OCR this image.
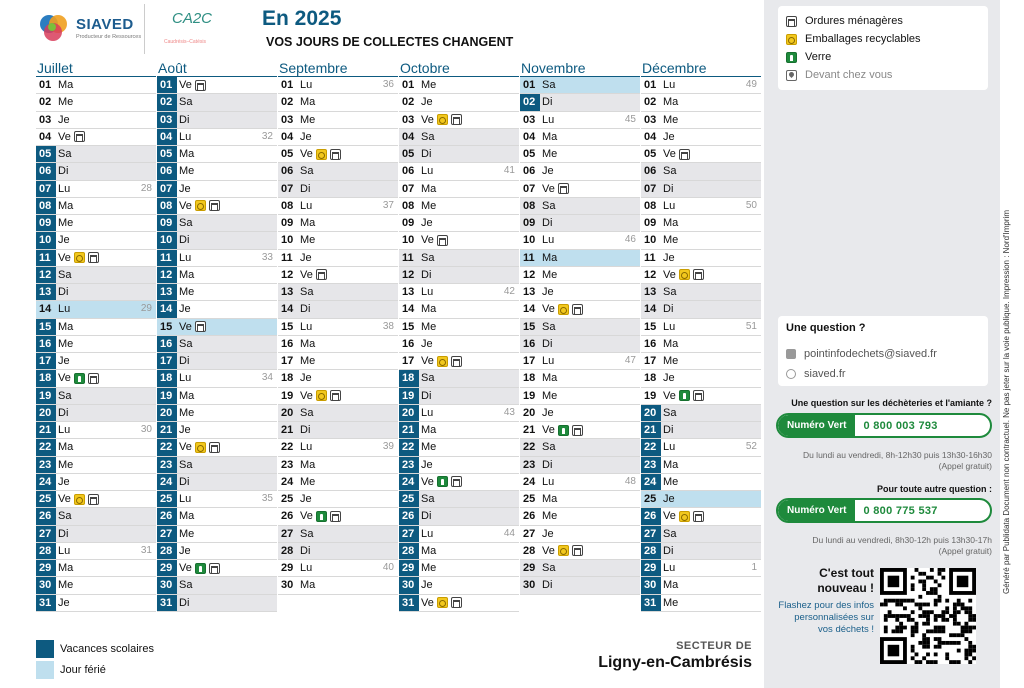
SIAVED
Producteur de Ressources
CA2C
Caudrésis–Catésis
En 2025
VOS JOURS DE COLLECTES CHANGENT
Juillet
01 Ma
02 Me
03 Je
04 Ve
05 Sa
06 Di
07 Lu	28
08 Ma
09 Me
10 Je
11 Ve
12 Sa
13 Di
14 Lu	29
15 Ma
16 Me
17 Je
18 Ve
19 Sa
20 Di
21 Lu	30
22 Ma
23 Me
24 Je
25 Ve
26 Sa
27 Di
28 Lu	31
29 Ma
30 Me
31 Je
Août
01 Ve
02 Sa
03 Di
04 Lu	32
05 Ma
06 Me
07 Je
08 Ve
09 Sa
10 Di
11 Lu	33
12 Ma
13 Me
14 Je
15 Ve
16 Sa
17 Di
18 Lu	34
19 Ma
20 Me
21 Je
22 Ve
23 Sa
24 Di
25 Lu	35
26 Ma
27 Me
28 Je
29 Ve
30 Sa
31 Di
Septembre
01 Lu	36
02 Ma
03 Me
04 Je
05 Ve
06 Sa
07 Di
08 Lu	37
09 Ma
10 Me
11 Je
12 Ve
13 Sa
14 Di
15 Lu	38
16 Ma
17 Me
18 Je
19 Ve
20 Sa
21 Di
22 Lu	39
23 Ma
24 Me
25 Je
26 Ve
27 Sa
28 Di
29 Lu	40
30 Ma
Octobre
01 Me
02 Je
03 Ve
04 Sa
05 Di
06 Lu	41
07 Ma
08 Me
09 Je
10 Ve
11 Sa
12 Di
13 Lu	42
14 Ma
15 Me
16 Je
17 Ve
18 Sa
19 Di
20 Lu	43
21 Ma
22 Me
23 Je
24 Ve
25 Sa
26 Di
27 Lu	44
28 Ma
29 Me
30 Je
31 Ve
Novembre
01 Sa
02 Di
03 Lu	45
04 Ma
05 Me
06 Je
07 Ve
08 Sa
09 Di
10 Lu	46
11 Ma
12 Me
13 Je
14 Ve
15 Sa
16 Di
17 Lu	47
18 Ma
19 Me
20 Je
21 Ve
22 Sa
23 Di
24 Lu	48
25 Ma
26 Me
27 Je
28 Ve
29 Sa
30 Di
Décembre
01 Lu	49
02 Ma
03 Me
04 Je
05 Ve
06 Sa
07 Di
08 Lu	50
09 Ma
10 Me
11 Je
12 Ve
13 Sa
14 Di
15 Lu	51
16 Ma
17 Me
18 Je
19 Ve
20 Sa
21 Di
22 Lu	52
23 Ma
24 Me
25 Je
26 Ve
27 Sa
28 Di
29 Lu	1
30 Ma
31 Me
Vacances scolaires
Jour férié
SECTEUR DE
Ligny-en-Cambrésis
Ordures ménagères
Emballages recyclables
Verre
Devant chez vous
Une question ?
pointinfodechets@siaved.fr
siaved.fr
Une question sur les déchèteries et l'amiante ?
Numéro Vert	0 800 003 793
Du lundi au vendredi, 8h-12h30 puis 13h30-16h30
(Appel gratuit)
Pour toute autre question :
Numéro Vert	0 800 775 537
Du lundi au vendredi, 8h30-12h puis 13h30-17h
(Appel gratuit)
C'est tout nouveau !
Flashez pour des infos personnalisées sur vos déchets !
Généré par Publidata Document non contractuel. Ne pas jeter sur la voie publique. Impression : Nord'Imprim
